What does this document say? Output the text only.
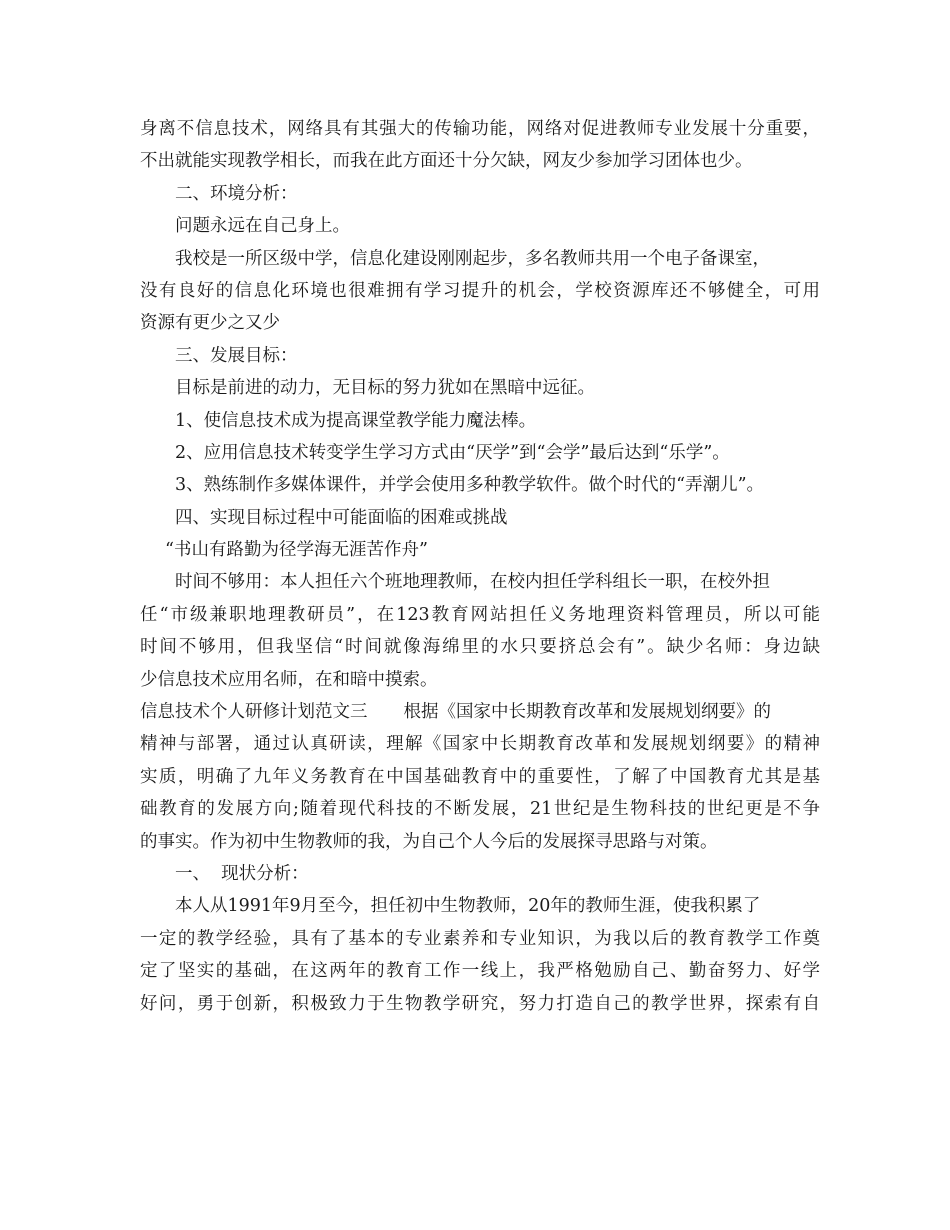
身离不信息技术，网络具有其强大的传输功能，网络对促进教师专业发展十分重要，

不出就能实现教学相长，而我在此方面还十分欠缺，网友少参加学习团体也少。

二、环境分析：

问题永远在自己身上。

我校是一所区级中学，信息化建设刚刚起步，多名教师共用一个电子备课室，

没有良好的信息化环境也很难拥有学习提升的机会，学校资源库还不够健全，可用

资源有更少之又少

三、发展目标：

目标是前进的动力，无目标的努力犹如在黑暗中远征。

1、使信息技术成为提高课堂教学能力魔法棒。

2、应用信息技术转变学生学习方式由“厌学”到“会学”最后达到“乐学”。

3、熟练制作多媒体课件，并学会使用多种教学软件。做个时代的“弄潮儿”。

四、实现目标过程中可能面临的困难或挑战

“书山有路勤为径学海无涯苦作舟”

时间不够用：本人担任六个班地理教师，在校内担任学科组长一职，在校外担

任“市级兼职地理教研员”，在123教育网站担任义务地理资料管理员，所以可能

时间不够用，但我坚信“时间就像海绵里的水只要挤总会有”。缺少名师：身边缺

少信息技术应用名师，在和暗中摸索。

信息技术个人研修计划范文三 根据《国家中长期教育改革和发展规划纲要》的

精神与部署，通过认真研读，理解《国家中长期教育改革和发展规划纲要》的精神

实质，明确了九年义务教育在中国基础教育中的重要性，了解了中国教育尤其是基

础教育的发展方向;随着现代科技的不断发展，21世纪是生物科技的世纪更是不争

的事实。作为初中生物教师的我，为自己个人今后的发展探寻思路与对策。

一、  现状分析：

本人从1991年9月至今，担任初中生物教师，20年的教师生涯，使我积累了

一定的教学经验，具有了基本的专业素养和专业知识，为我以后的教育教学工作奠

定了坚实的基础，在这两年的教育工作一线上，我严格勉励自己、勤奋努力、好学

好问，勇于创新，积极致力于生物教学研究，努力打造自己的教学世界，探索有自
